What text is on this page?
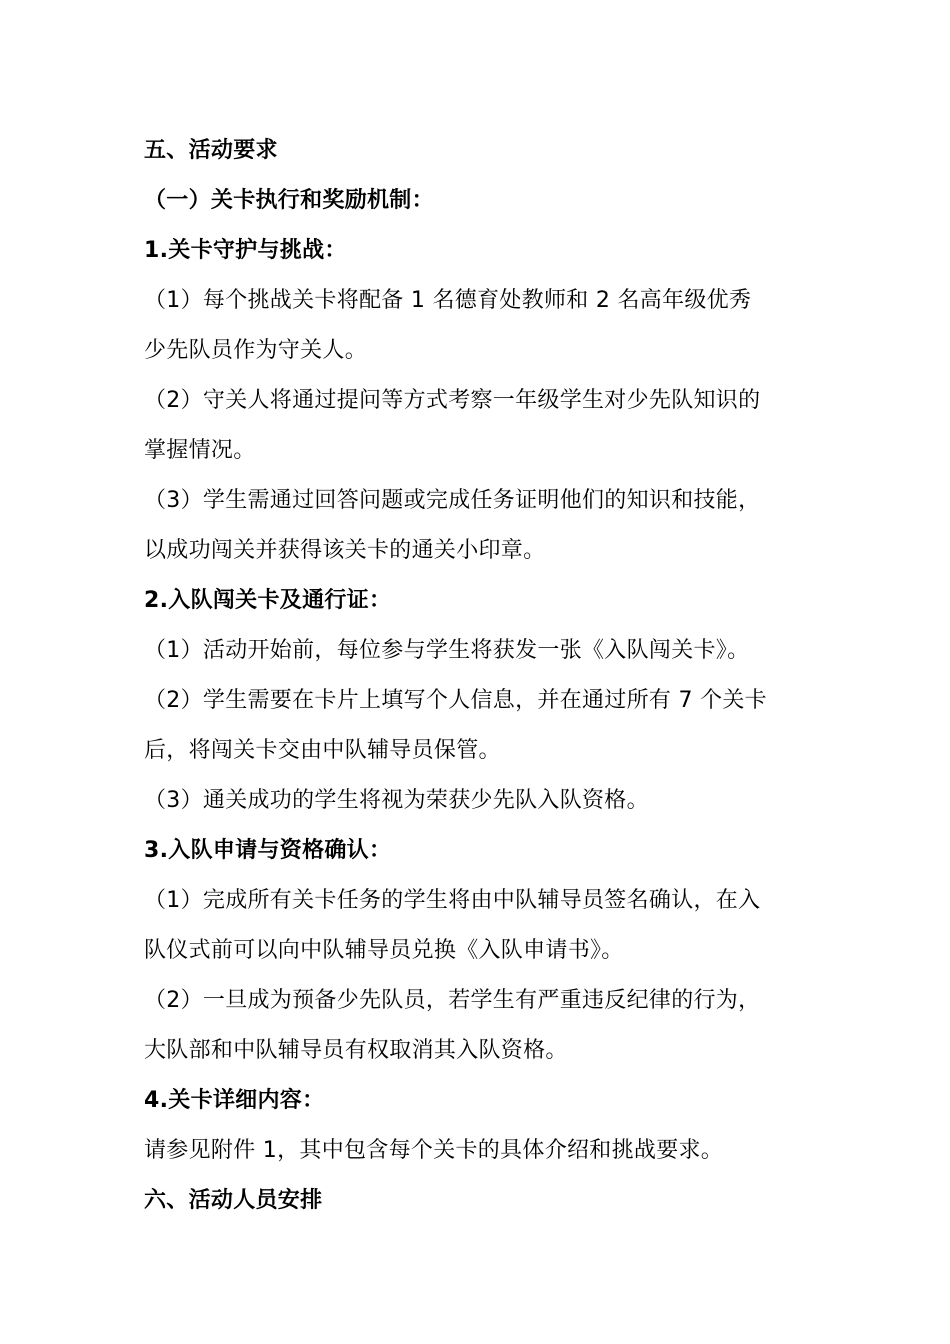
五、活动要求
（一）关卡执行和奖励机制：
1.关卡守护与挑战：
（1）每个挑战关卡将配备 1 名德育处教师和 2 名高年级优秀
少先队员作为守关人。
（2）守关人将通过提问等方式考察一年级学生对少先队知识的
掌握情况。
（3）学生需通过回答问题或完成任务证明他们的知识和技能，
以成功闯关并获得该关卡的通关小印章。
2.入队闯关卡及通行证：
（1）活动开始前，每位参与学生将获发一张《入队闯关卡》。
（2）学生需要在卡片上填写个人信息，并在通过所有 7 个关卡
后，将闯关卡交由中队辅导员保管。
（3）通关成功的学生将视为荣获少先队入队资格。
3.入队申请与资格确认：
（1）完成所有关卡任务的学生将由中队辅导员签名确认，在入
队仪式前可以向中队辅导员兑换《入队申请书》。
（2）一旦成为预备少先队员，若学生有严重违反纪律的行为，
大队部和中队辅导员有权取消其入队资格。
4.关卡详细内容：
请参见附件 1，其中包含每个关卡的具体介绍和挑战要求。
六、活动人员安排
